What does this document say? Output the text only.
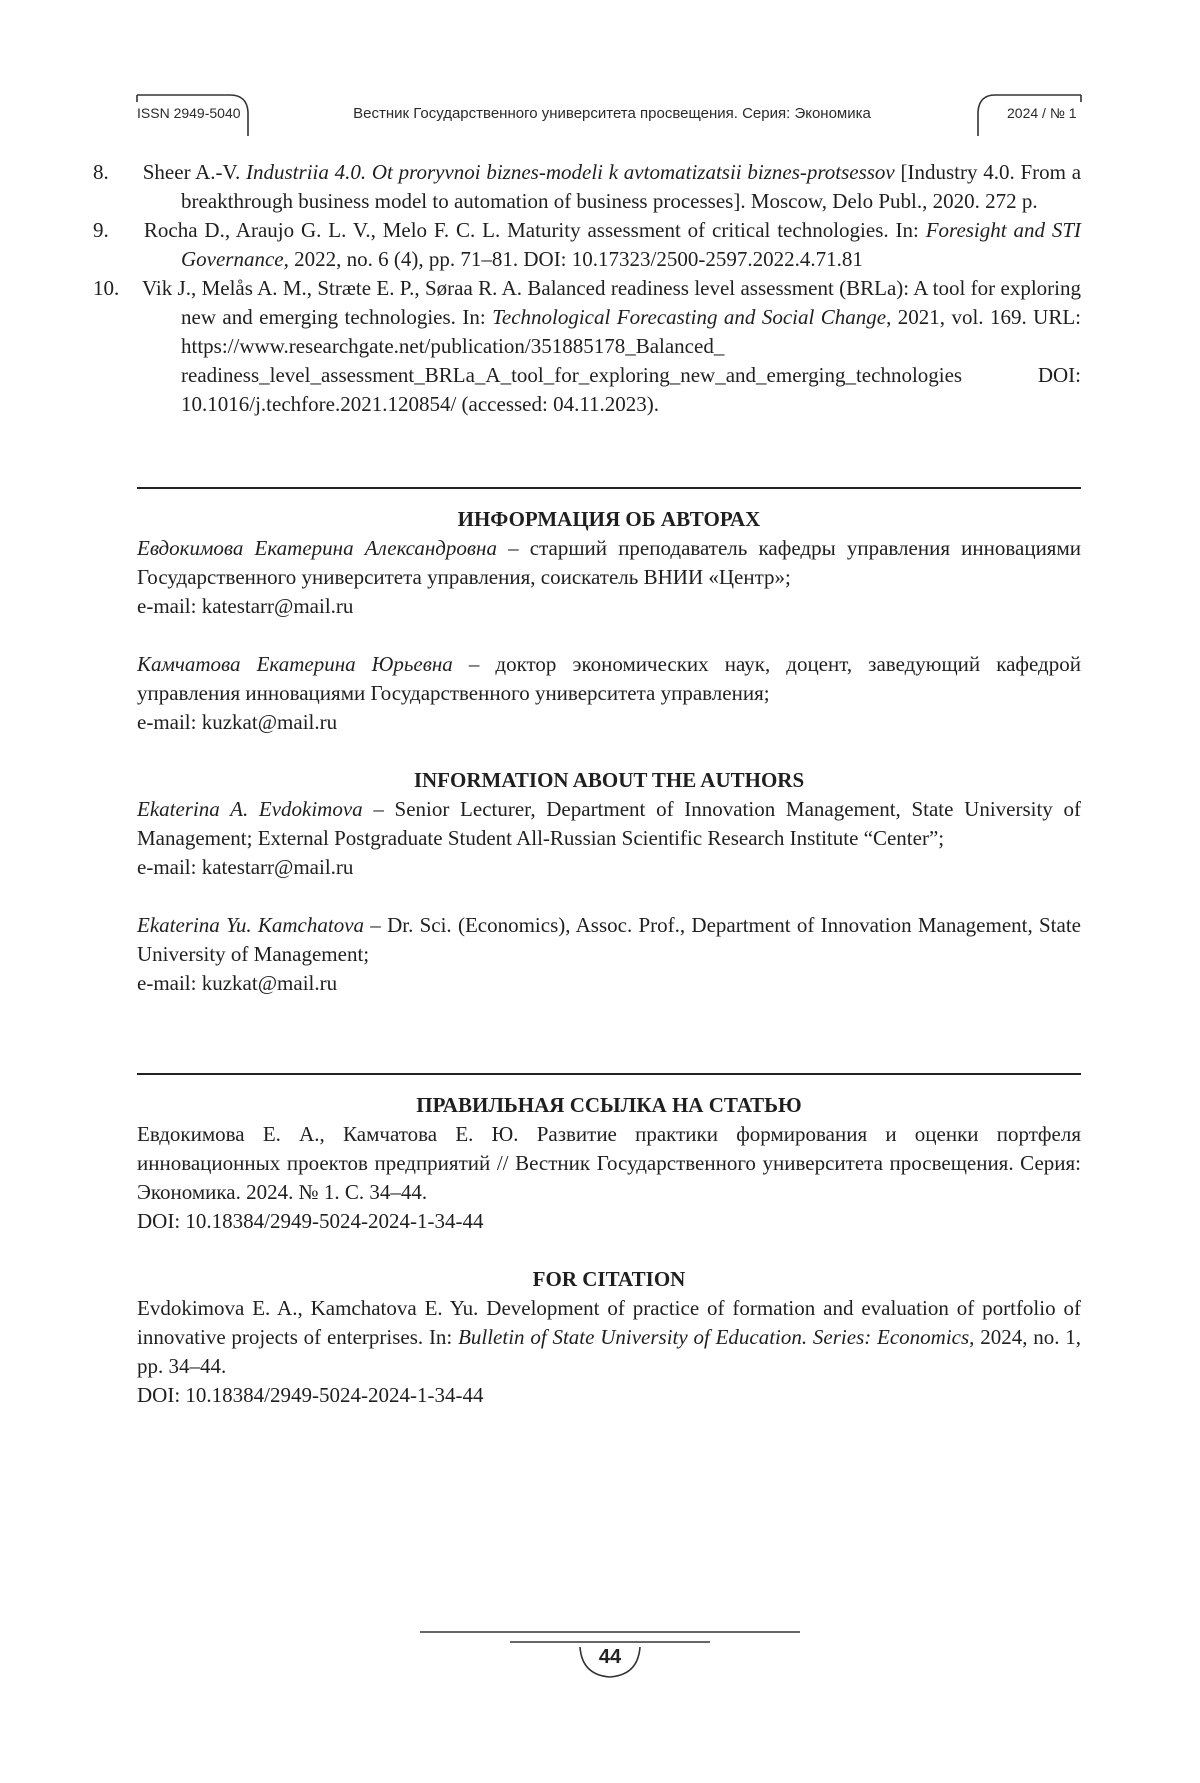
ISSN 2949-5040	Вестник Государственного университета просвещения. Серия: Экономика	2024 / № 1

8. Sheer A.-V. Industriia 4.0. Ot proryvnoi biznes-modeli k avtomatizatsii biznes-protsessov [Industry 4.0. From a breakthrough business model to automation of business processes]. Moscow, Delo Publ., 2020. 272 p.

9. Rocha D., Araujo G. L. V., Melo F. C. L. Maturity assessment of critical technologies. In: Foresight and STI Governance, 2022, no. 6 (4), pp. 71–81. DOI: 10.17323/2500-2597.2022.4.71.81

10. Vik J., Melås A. M., Stræte E. P., Søraa R. A. Balanced readiness level assessment (BRLa): A tool for exploring new and emerging technologies. In: Technological Forecasting and Social Change, 2021, vol. 169. URL: https://www.researchgate.net/publication/351885178_Balanced_ readiness_level_assessment_BRLa_A_tool_for_exploring_new_and_emerging_technologies DOI: 10.1016/j.techfore.2021.120854/ (accessed: 04.11.2023).

ИНФОРМАЦИЯ ОБ АВТОРАХ

Евдокимова Екатерина Александровна – старший преподаватель кафедры управления инновациями Государственного университета управления, соискатель ВНИИ «Центр»;

e-mail: katestarr@mail.ru

Камчатова Екатерина Юрьевна – доктор экономических наук, доцент, заведующий кафедрой управления инновациями Государственного университета управления;

e-mail: kuzkat@mail.ru

INFORMATION ABOUT THE AUTHORS

Ekaterina A. Evdokimova – Senior Lecturer, Department of Innovation Management, State University of Management; External Postgraduate Student All-Russian Scientific Research Institute “Center”;

e-mail: katestarr@mail.ru

Ekaterina Yu. Kamchatova – Dr. Sci. (Economics), Assoc. Prof., Department of Innovation Management, State University of Management;

e-mail: kuzkat@mail.ru

ПРАВИЛЬНАЯ ССЫЛКА НА СТАТЬЮ

Евдокимова Е. А., Камчатова Е. Ю. Развитие практики формирования и оценки портфеля инновационных проектов предприятий // Вестник Государственного университета просвещения. Серия: Экономика. 2024. № 1. С. 34–44.

DOI: 10.18384/2949-5024-2024-1-34-44

FOR CITATION

Evdokimova E. A., Kamchatova E. Yu. Development of practice of formation and evaluation of portfolio of innovative projects of enterprises. In: Bulletin of State University of Education. Series: Economics, 2024, no. 1, pp. 34–44.

DOI: 10.18384/2949-5024-2024-1-34-44

44
